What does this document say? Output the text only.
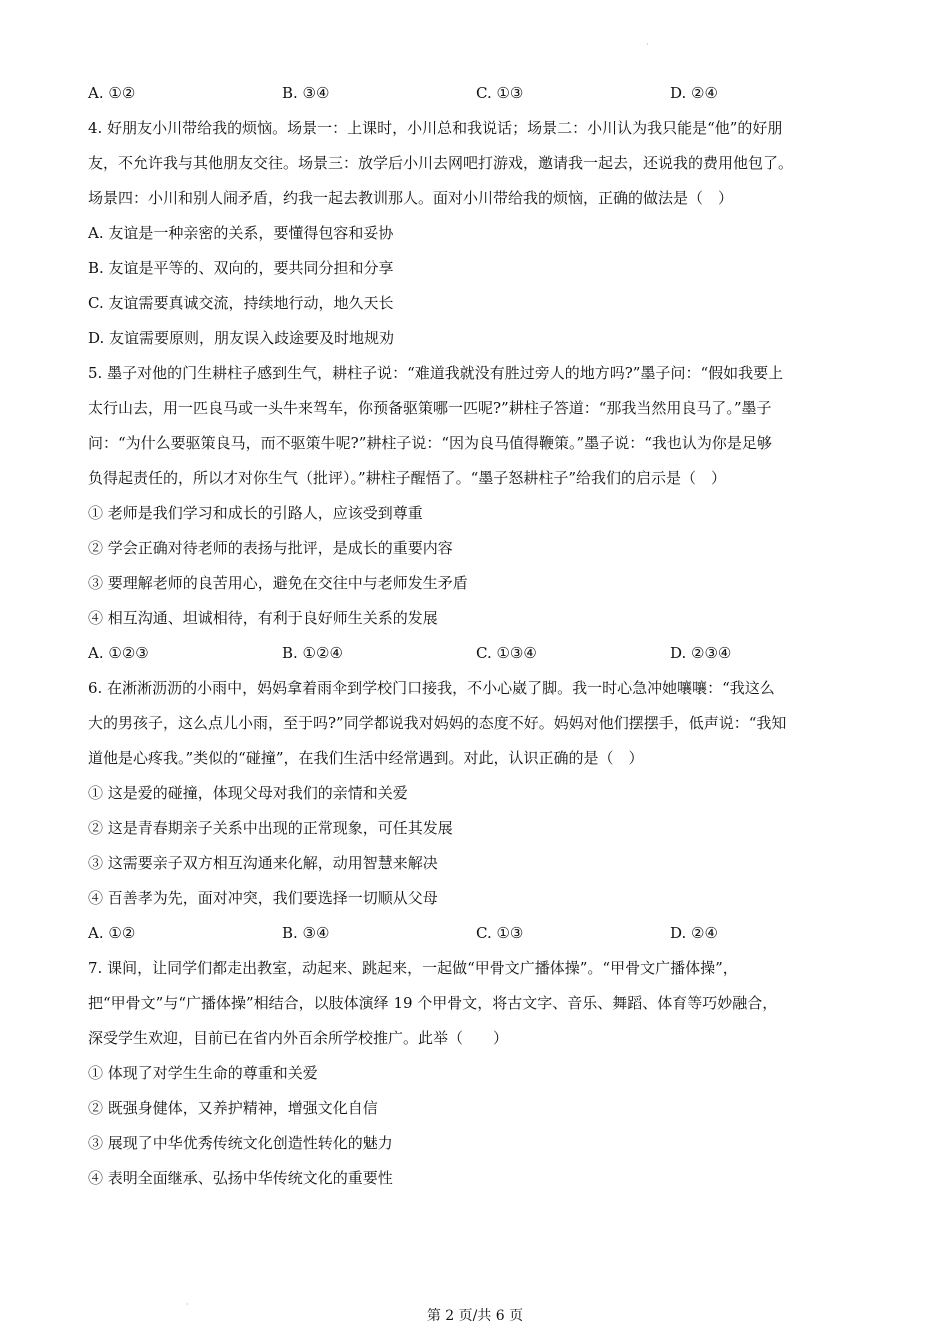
·
A. ①②	B. ③④	C. ①③	D. ②④
4. 好朋友小川带给我的烦恼。场景一：上课时，小川总和我说话；场景二：小川认为我只能是“他”的好朋
友，不允许我与其他朋友交往。场景三：放学后小川去网吧打游戏，邀请我一起去，还说我的费用他包了。
场景四：小川和别人闹矛盾，约我一起去教训那人。面对小川带给我的烦恼，正确的做法是（　）
A. 友谊是一种亲密的关系，要懂得包容和妥协
B. 友谊是平等的、双向的，要共同分担和分享
C. 友谊需要真诚交流，持续地行动，地久天长
D. 友谊需要原则，朋友误入歧途要及时地规劝
5. 墨子对他的门生耕柱子感到生气，耕柱子说：“难道我就没有胜过旁人的地方吗?”墨子问：“假如我要上
太行山去，用一匹良马或一头牛来驾车，你预备驱策哪一匹呢?”耕柱子答道：“那我当然用良马了。”墨子
问：“为什么要驱策良马，而不驱策牛呢?”耕柱子说：“因为良马值得鞭策。”墨子说：“我也认为你是足够
负得起责任的，所以才对你生气（批评）。”耕柱子醒悟了。“墨子怒耕柱子”给我们的启示是（　）
① 老师是我们学习和成长的引路人，应该受到尊重
② 学会正确对待老师的表扬与批评，是成长的重要内容
③ 要理解老师的良苦用心，避免在交往中与老师发生矛盾
④ 相互沟通、坦诚相待，有利于良好师生关系的发展
A. ①②③	B. ①②④	C. ①③④	D. ②③④
6. 在淅淅沥沥的小雨中，妈妈拿着雨伞到学校门口接我，不小心崴了脚。我一时心急冲她嚷嚷：“我这么
大的男孩子，这么点儿小雨，至于吗?”同学都说我对妈妈的态度不好。妈妈对他们摆摆手，低声说：“我知
道他是心疼我。”类似的“碰撞”，在我们生活中经常遇到。对此，认识正确的是（　）
① 这是爱的碰撞，体现父母对我们的亲情和关爱
② 这是青春期亲子关系中出现的正常现象，可任其发展
③ 这需要亲子双方相互沟通来化解，动用智慧来解决
④ 百善孝为先，面对冲突，我们要选择一切顺从父母
A. ①②	B. ③④	C. ①③	D. ②④
7. 课间，让同学们都走出教室，动起来、跳起来，一起做“甲骨文广播体操”。“甲骨文广播体操”，
把“甲骨文”与“广播体操”相结合，以肢体演绎 19 个甲骨文，将古文字、音乐、舞蹈、体育等巧妙融合，
深受学生欢迎，目前已在省内外百余所学校推广。此举（　　）
① 体现了对学生生命的尊重和关爱
② 既强身健体，又养护精神，增强文化自信
③ 展现了中华优秀传统文化创造性转化的魅力
④ 表明全面继承、弘扬中华传统文化的重要性
·
第 2 页/共 6 页
